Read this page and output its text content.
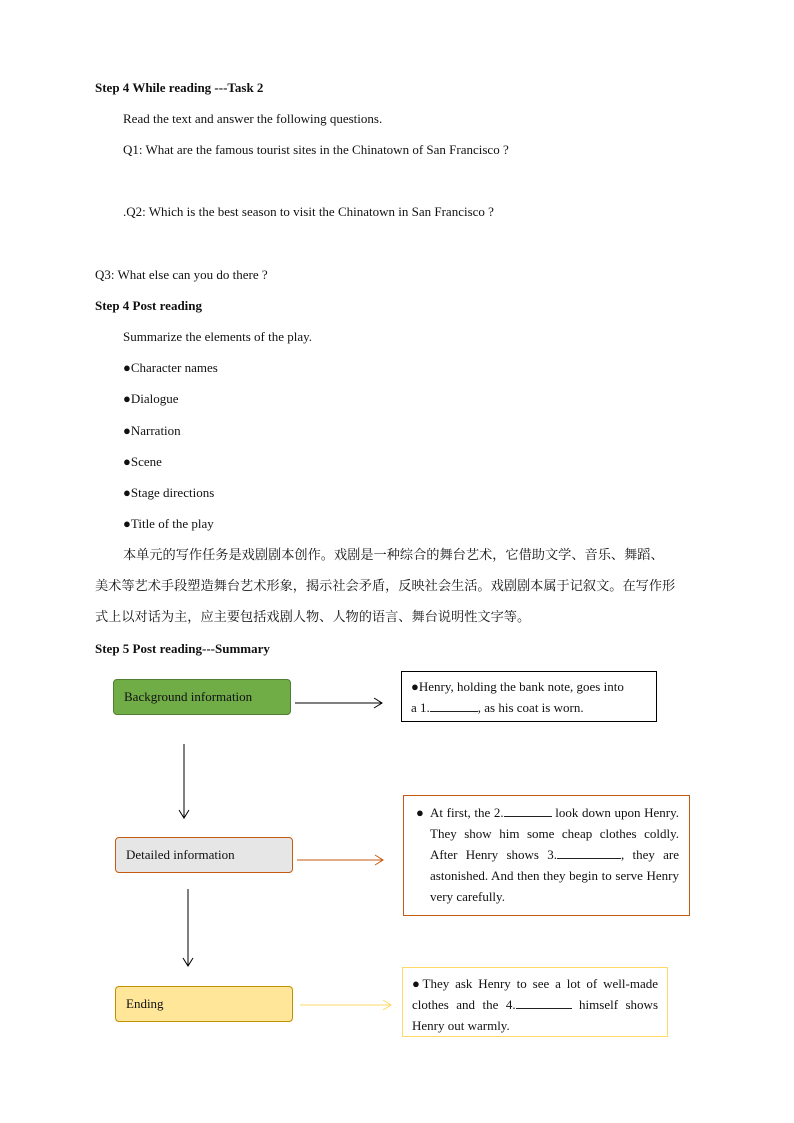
Step 4 While reading ---Task 2
Read the text and answer the following questions.
Q1: What are the famous tourist sites in the Chinatown of San Francisco ?
.Q2: Which is the best season to visit the Chinatown in San Francisco ?
Q3: What else can you do there ?
Step 4 Post reading
Summarize the elements of the play.
●Character names
●Dialogue
●Narration
●Scene
●Stage directions
●Title of the play
本单元的写作任务是戏剧剧本创作。戏剧是一种综合的舞台艺术，它借助文学、音乐、舞蹈、
美术等艺术手段塑造舞台艺术形象，揭示社会矛盾，反映社会生活。戏剧剧本属于记叙文。在写作形
式上以对话为主，应主要包括戏剧人物、人物的语言、舞台说明性文字等。
Step 5 Post reading---Summary
Background information
Detailed information
Ending
●Henry, holding the bank note, goes into
a 1.	, as his coat is worn.
● At first, the 2.	look down upon Henry. They show him some cheap clothes coldly. After Henry shows 3.	, they are astonished. And then they begin to serve Henry very carefully.
●They ask Henry to see a lot of well-made clothes and the 4.	himself shows Henry out warmly.
